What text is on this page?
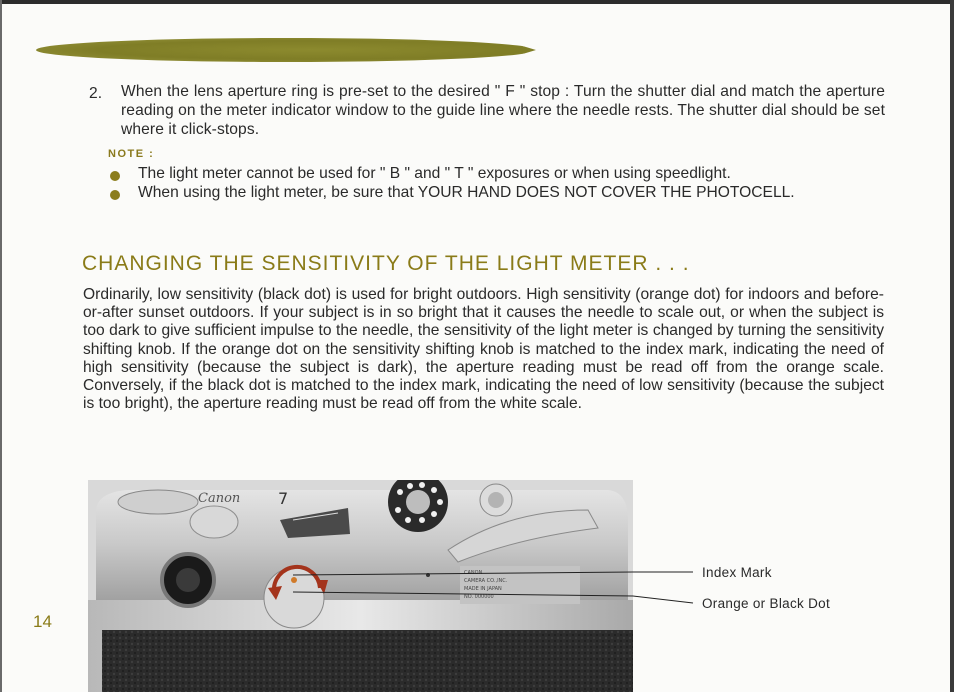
2. When the lens aperture ring is pre-set to the desired " F " stop : Turn the shutter dial and match the aperture reading on the meter indicator window to the guide line where the needle rests. The shutter dial should be set where it click-stops.
NOTE :
The light meter cannot be used for " B " and " T " exposures or when using speedlight.
When using the light meter, be sure that YOUR HAND DOES NOT COVER THE PHOTOCELL.
CHANGING THE SENSITIVITY OF THE LIGHT METER . . .
Ordinarily, low sensitivity (black dot) is used for bright outdoors. High sensitivity (orange dot) for indoors and before-or-after sunset outdoors. If your subject is in so bright that it causes the needle to scale out, or when the subject is too dark to give sufficient impulse to the needle, the sensitivity of the light meter is changed by turning the sensitivity shifting knob. If the orange dot on the sensitivity shifting knob is matched to the index mark, indicating the need of high sensitivity (because the subject is dark), the aperture reading must be read off from the orange scale. Conversely, if the black dot is matched to the index mark, indicating the need of low sensitivity (because the subject is too bright), the aperture reading must be read off from the white scale.
Canon 7
CAMERA CO.,INC.
MADE IN JAPAN
NO. 000000
Index Mark
Orange or Black Dot
14
